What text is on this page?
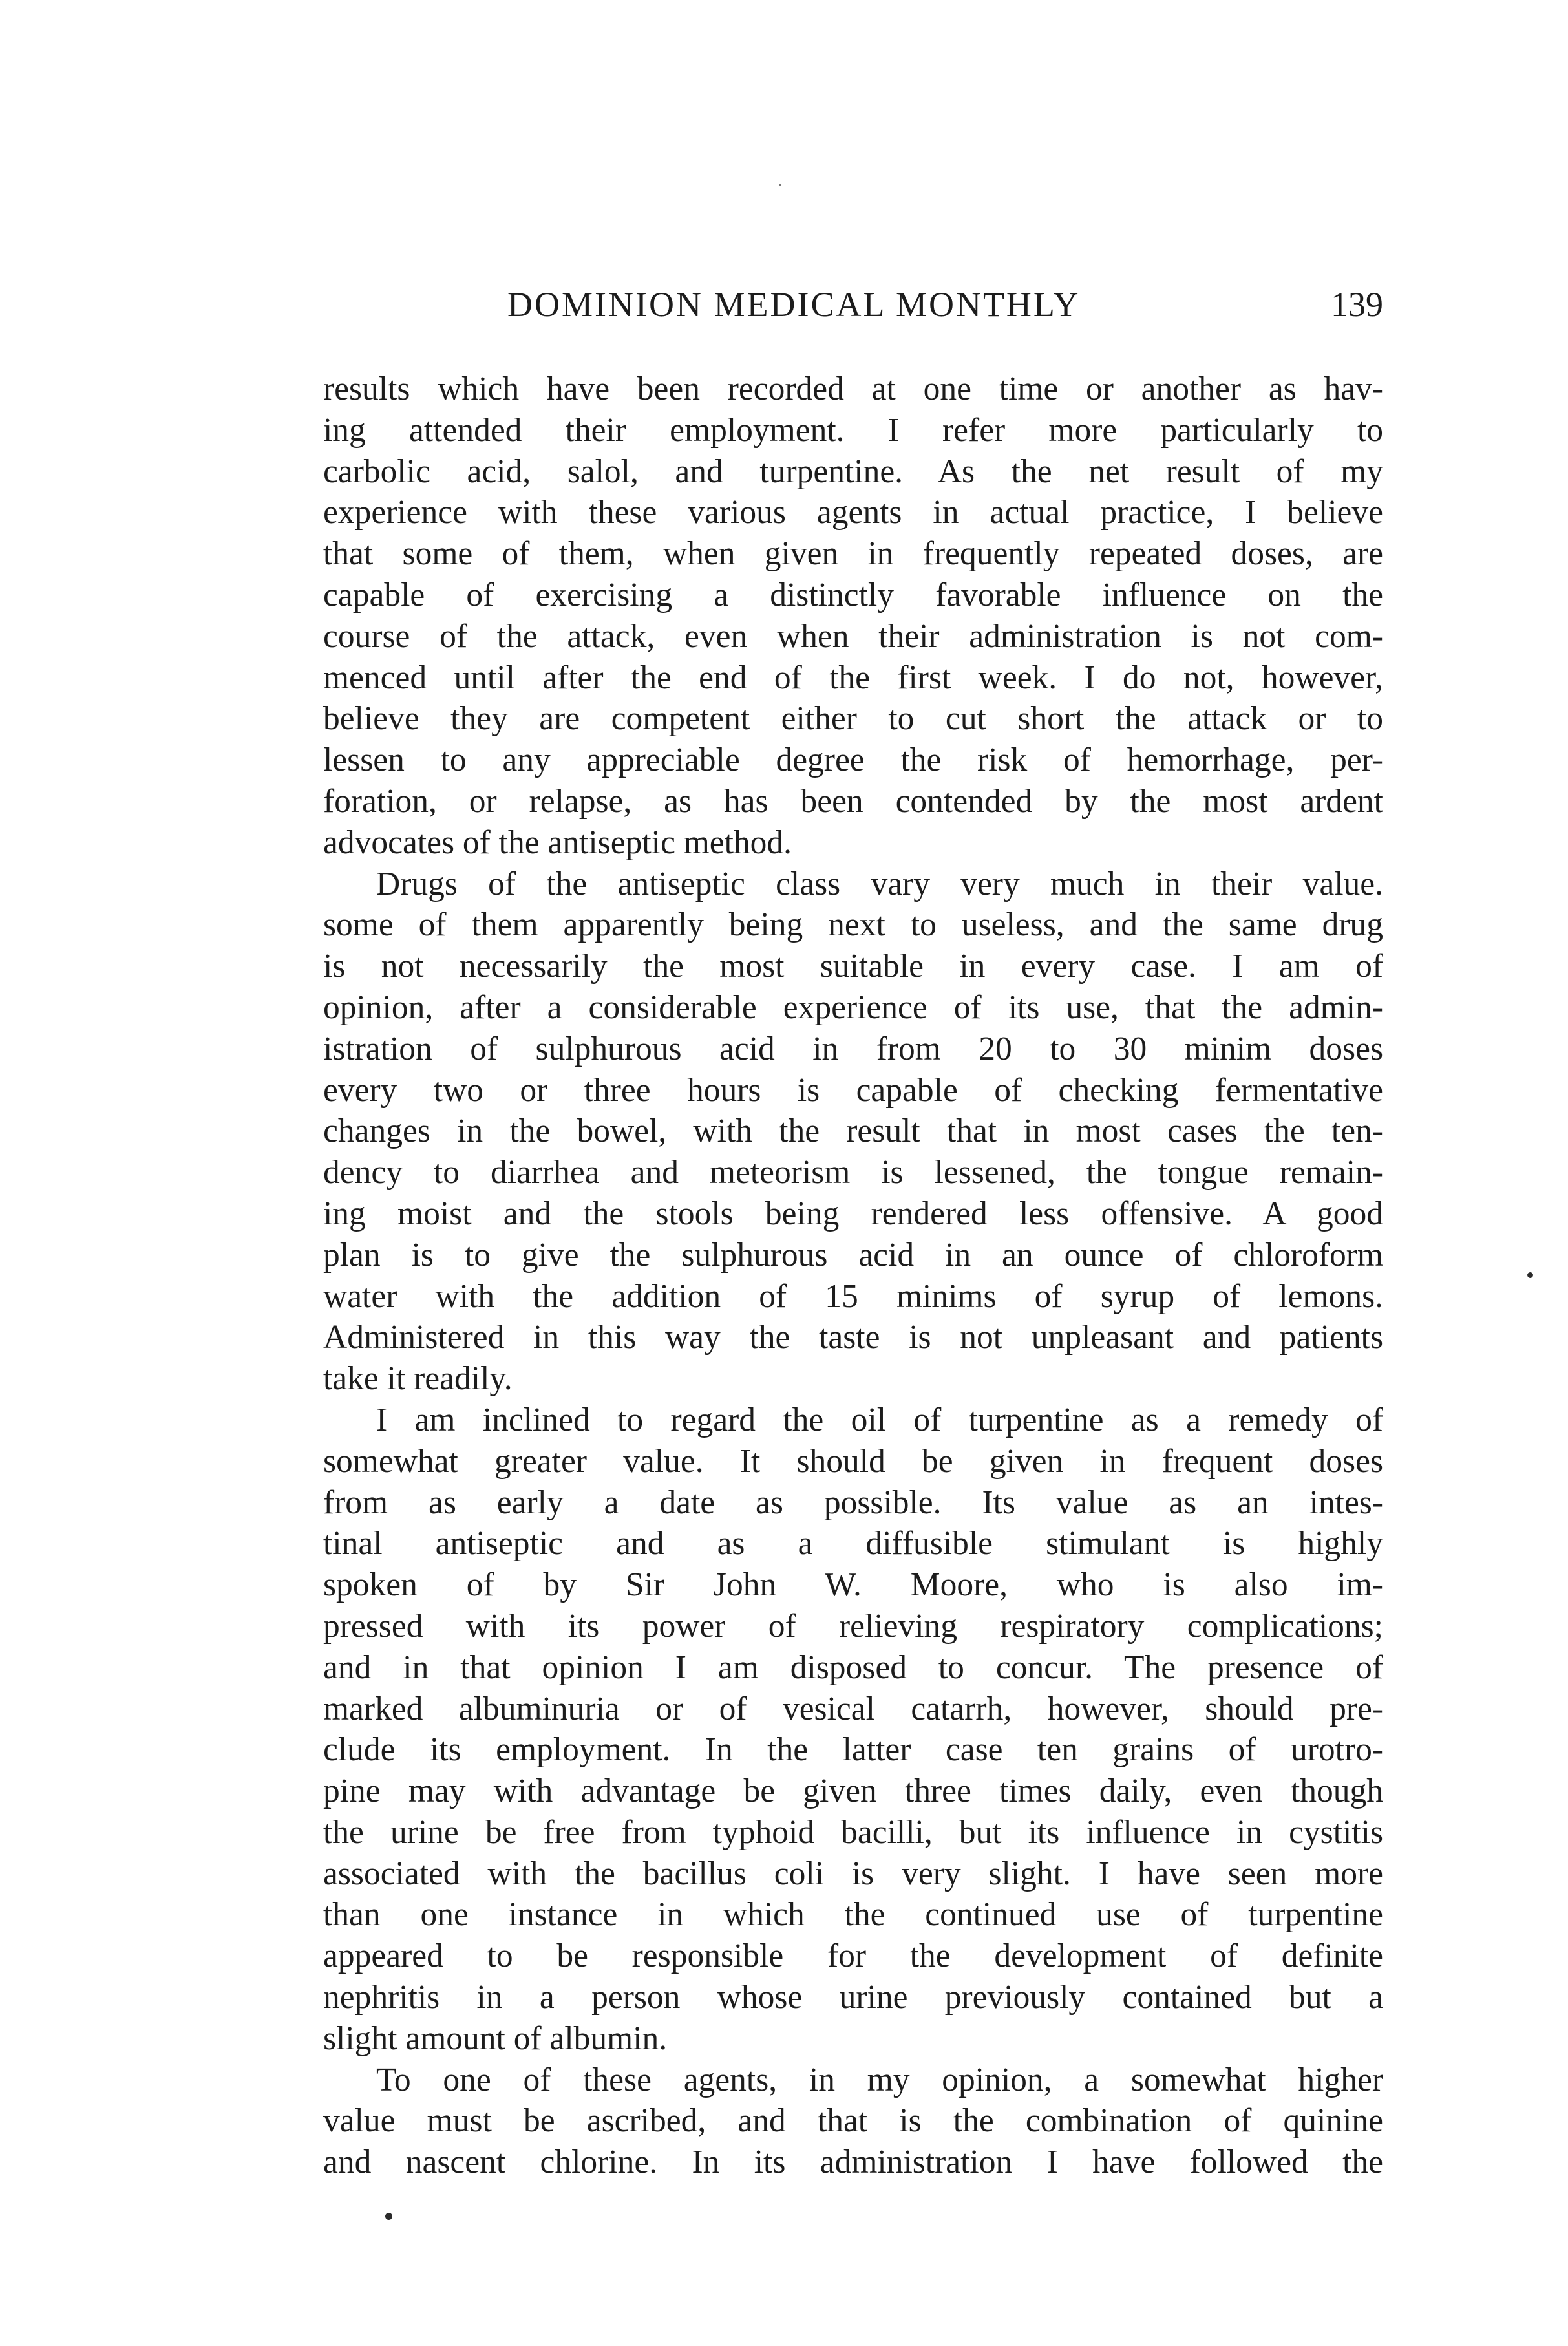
DOMINION MEDICAL MONTHLY	139
results which have been recorded at one time or another as hav-
ing attended their employment. I refer more particularly to
carbolic acid, salol, and turpentine. As the net result of my
experience with these various agents in actual practice, I believe
that some of them, when given in frequently repeated doses, are
capable of exercising a distinctly favorable influence on the
course of the attack, even when their administration is not com-
menced until after the end of the first week. I do not, however,
believe they are competent either to cut short the attack or to
lessen to any appreciable degree the risk of hemorrhage, per-
foration, or relapse, as has been contended by the most ardent
advocates of the antiseptic method.
Drugs of the antiseptic class vary very much in their value.
some of them apparently being next to useless, and the same drug
is not necessarily the most suitable in every case. I am of
opinion, after a considerable experience of its use, that the admin-
istration of sulphurous acid in from 20 to 30 minim doses
every two or three hours is capable of checking fermentative
changes in the bowel, with the result that in most cases the ten-
dency to diarrhea and meteorism is lessened, the tongue remain-
ing moist and the stools being rendered less offensive. A good
plan is to give the sulphurous acid in an ounce of chloroform
water with the addition of 15 minims of syrup of lemons.
Administered in this way the taste is not unpleasant and patients
take it readily.
I am inclined to regard the oil of turpentine as a remedy of
somewhat greater value. It should be given in frequent doses
from as early a date as possible. Its value as an intes-
tinal antiseptic and as a diffusible stimulant is highly
spoken of by Sir John W. Moore, who is also im-
pressed with its power of relieving respiratory complications;
and in that opinion I am disposed to concur. The presence of
marked albuminuria or of vesical catarrh, however, should pre-
clude its employment. In the latter case ten grains of urotro-
pine may with advantage be given three times daily, even though
the urine be free from typhoid bacilli, but its influence in cystitis
associated with the bacillus coli is very slight. I have seen more
than one instance in which the continued use of turpentine
appeared to be responsible for the development of definite
nephritis in a person whose urine previously contained but a
slight amount of albumin.
To one of these agents, in my opinion, a somewhat higher
value must be ascribed, and that is the combination of quinine
and nascent chlorine. In its administration I have followed the
